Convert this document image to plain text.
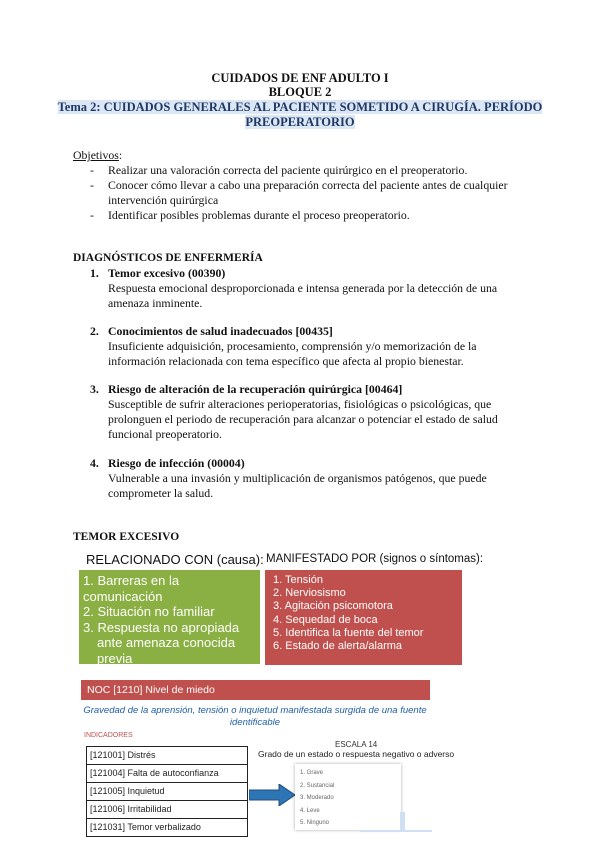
CUIDADOS DE ENF ADULTO I
BLOQUE 2
Tema 2: CUIDADOS GENERALES AL PACIENTE SOMETIDO A CIRUGÍA. PERÍODO
PREOPERATORIO
Objetivos:
- Realizar una valoración correcta del paciente quirúrgico en el preoperatorio.
- Conocer cómo llevar a cabo una preparación correcta del paciente antes de cualquier
intervención quirúrgica
- Identificar posibles problemas durante el proceso preoperatorio.
DIAGNÓSTICOS DE ENFERMERÍA
1. Temor excesivo (00390)
Respuesta emocional desproporcionada e intensa generada por la detección de una
amenaza inminente.
2. Conocimientos de salud inadecuados [00435]
Insuficiente adquisición, procesamiento, comprensión y/o memorización de la
información relacionada con tema específico que afecta al propio bienestar.
3. Riesgo de alteración de la recuperación quirúrgica [00464]
Susceptible de sufrir alteraciones perioperatorias, fisiológicas o psicológicas, que
prolonguen el periodo de recuperación para alcanzar o potenciar el estado de salud
funcional preoperatorio.
4. Riesgo de infección (00004)
Vulnerable a una invasión y multiplicación de organismos patógenos, que puede
comprometer la salud.
TEMOR EXCESIVO
RELACIONADO CON (causa): MANIFESTADO POR (signos o síntomas):
1. Barreras en la comunicación
2. Situación no familiar
3. Respuesta no apropiada
ante amenaza conocida
previa
1. Tensión
2. Nerviosismo
3. Agitación psicomotora
4. Sequedad de boca
5. Identifica la fuente del temor
6. Estado de alerta/alarma
NOC [1210] Nivel de miedo
Gravedad de la aprensión, tensión o inquietud manifestada surgida de una fuente
identificable
INDICADORES
[121001] Distrés
[121004] Falta de autoconfianza
[121005] Inquietud
[121006] Irritabilidad
[121031] Temor verbalizado
ESCALA 14
Grado de un estado o respuesta negativo o adverso
1. Grave
2. Sustancial
3. Moderado
4. Leve
5. Ninguno
